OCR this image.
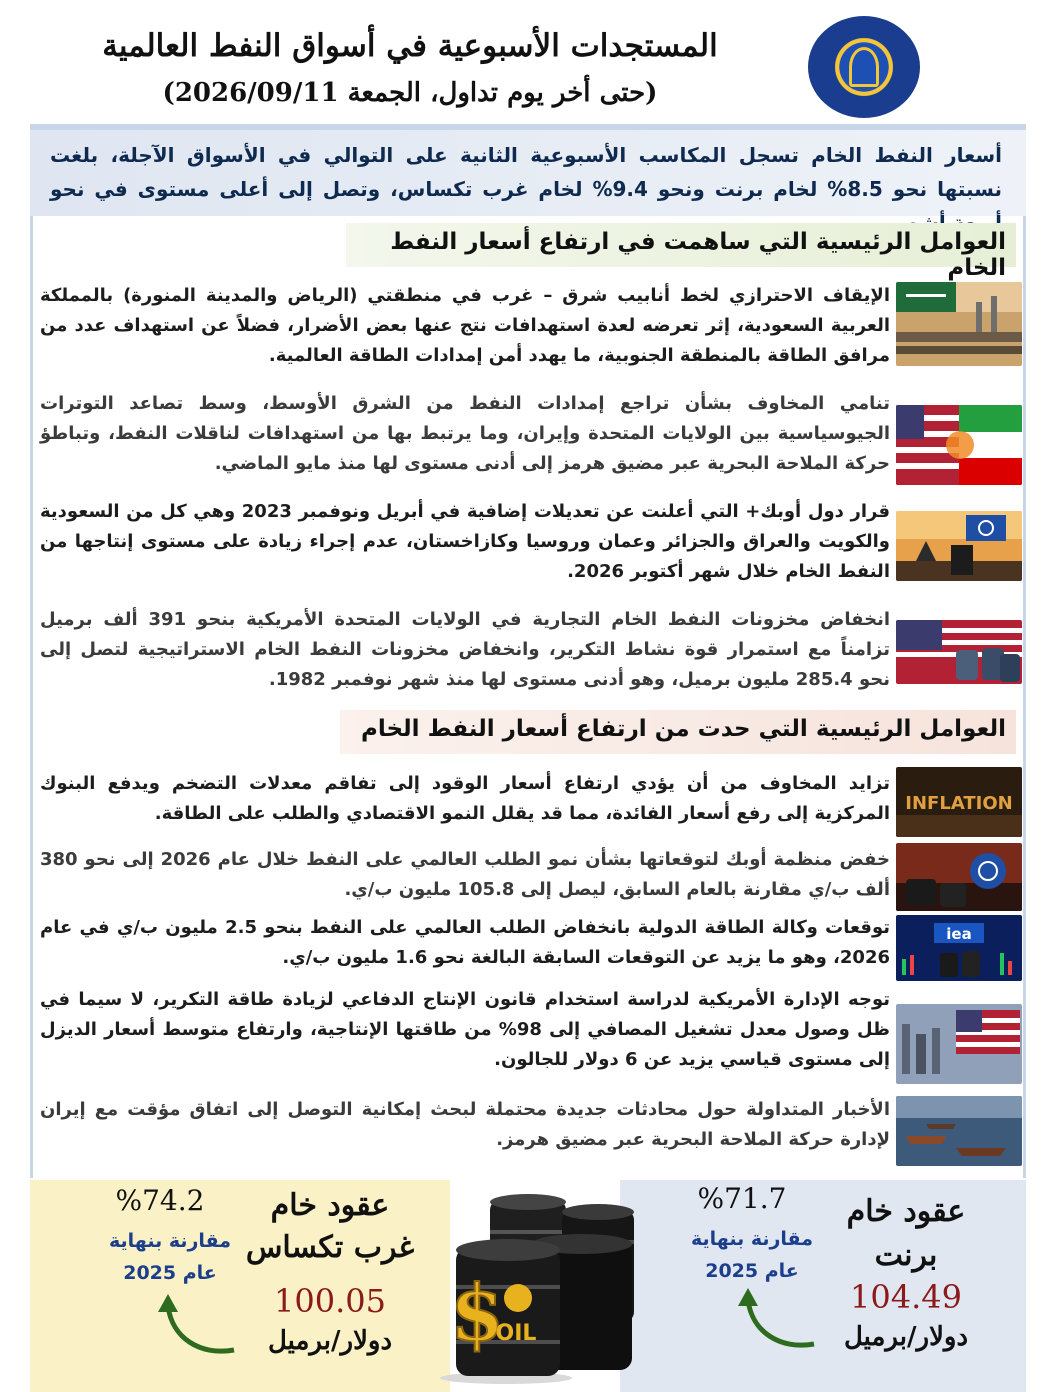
المستجدات الأسبوعية في أسواق النفط العالمية
(حتى أخر يوم تداول، الجمعة 2026/09/11)
أسعار النفط الخام تسجل المكاسب الأسبوعية الثانية على التوالي في الأسواق الآجلة، بلغت نسبتها نحو 8.5% لخام برنت ونحو 9.4% لخام غرب تكساس، وتصل إلى أعلى مستوى في نحو
العوامل الرئيسية التي ساهمت في ارتفاع أسعار النفط الخام
الإيقاف الاحترازي لخط أنابيب شرق – غرب في منطقتي (الرياض والمدينة المنورة) بالمملكة العربية السعودية، إثر تعرضه لعدة استهدافات نتج عنها بعض الأضرار، فضلاً عن استهداف عدد من مرافق الطاقة بالمنطقة الجنوبية، ما يهدد أمن إمدادات الطاقة العالمية.
تنامي المخاوف بشأن تراجع إمدادات النفط من الشرق الأوسط، وسط تصاعد التوترات الجيوسياسية بين الولايات المتحدة وإيران، وما يرتبط بها من استهدافات لناقلات النفط، وتباطؤ حركة الملاحة البحرية عبر مضيق هرمز إلى أدنى مستوى لها منذ مايو الماضي.
قرار دول أوبك+ التي أعلنت عن تعديلات إضافية في أبريل ونوفمبر 2023 وهي كل من السعودية والكويت والعراق والجزائر وعمان وروسيا وكازاخستان، عدم إجراء زيادة على مستوى إنتاجها من النفط الخام خلال شهر أكتوبر 2026.
انخفاض مخزونات النفط الخام التجارية في الولايات المتحدة الأمريكية بنحو 391 ألف برميل تزامناً مع استمرار قوة نشاط التكرير، وانخفاض مخزونات النفط الخام الاستراتيجية لتصل إلى نحو 285.4 مليون برميل، وهو أدنى مستوى لها منذ شهر نوفمبر 1982.
العوامل الرئيسية التي حدت من ارتفاع أسعار النفط الخام
INFLATION
تزايد المخاوف من أن يؤدي ارتفاع أسعار الوقود إلى تفاقم معدلات التضخم ويدفع البنوك المركزية إلى رفع أسعار الفائدة، مما قد يقلل النمو الاقتصادي والطلب على الطاقة.
خفض منظمة أوبك لتوقعاتها بشأن نمو الطلب العالمي على النفط خلال عام 2026 إلى نحو 380 ألف ب/ي مقارنة بالعام السابق، ليصل إلى 105.8 مليون ب/ي.
iea
توقعات وكالة الطاقة الدولية بانخفاض الطلب العالمي على النفط بنحو 2.5 مليون ب/ي في عام 2026، وهو ما يزيد عن التوقعات السابقة البالغة نحو 1.6 مليون ب/ي.
توجه الإدارة الأمريكية لدراسة استخدام قانون الإنتاج الدفاعي لزيادة طاقة التكرير، لا سيما في ظل وصول معدل تشغيل المصافي إلى 98% من طاقتها الإنتاجية، وارتفاع متوسط أسعار الديزل إلى مستوى قياسي يزيد عن 6 دولار للجالون.
الأخبار المتداولة حول محادثات جديدة محتملة لبحث إمكانية التوصل إلى اتفاق مؤقت مع إيران لإدارة حركة الملاحة البحرية عبر مضيق هرمز.
$
OIL
عقود خام
غرب تكساس
100.05
دولار/برميل
%74.2
مقارنة بنهاية
عام 2025
عقود خام
برنت
104.49
دولار/برميل
%71.7
مقارنة بنهاية
عام 2025
